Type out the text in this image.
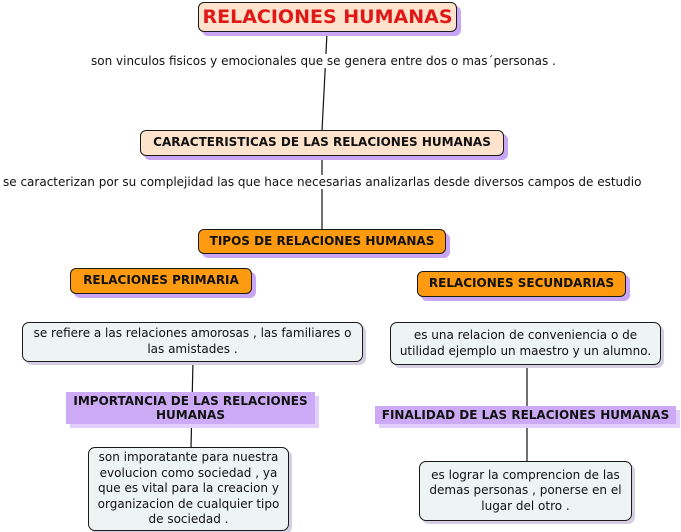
RELACIONES HUMANAS
son vinculos fisicos y emocionales que se genera entre dos o mas´personas .
CARACTERISTICAS DE LAS RELACIONES HUMANAS
se caracterizan por su complejidad las que hace necesarias analizarlas desde diversos campos de estudio
TIPOS DE RELACIONES HUMANAS
RELACIONES PRIMARIA	RELACIONES SECUNDARIAS
se refiere a las relaciones amorosas , las familiares o las amistades .
es una relacion de conveniencia o de utilidad ejemplo un maestro y un alumno.
IMPORTANCIA DE LAS RELACIONES HUMANAS	FINALIDAD DE LAS RELACIONES HUMANAS
son imporatante para nuestra evolucion como sociedad , ya que es vital para la creacion y organizacion de cualquier tipo de sociedad .
es lograr la comprencion de las demas personas , ponerse en el lugar del otro .
